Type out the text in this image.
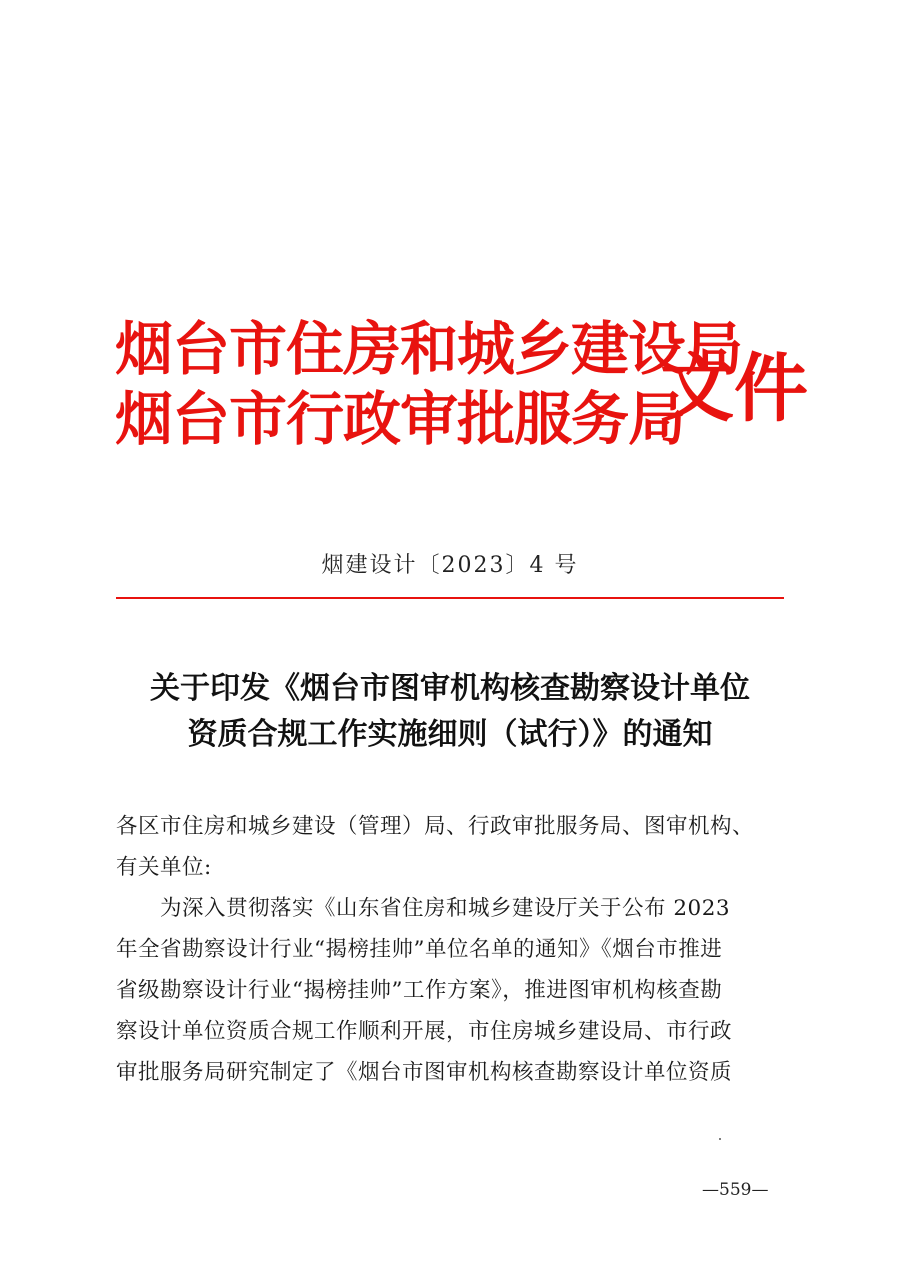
烟台市住房和城乡建设局
烟台市行政审批服务局
文件
烟建设计〔2023〕4 号
关于印发《烟台市图审机构核查勘察设计单位
资质合规工作实施细则（试行）》的通知
各区市住房和城乡建设（管理）局、行政审批服务局、图审机构、
有关单位:
　　为深入贯彻落实《山东省住房和城乡建设厅关于公布 2023
年全省勘察设计行业“揭榜挂帅”单位名单的通知》《烟台市推进
省级勘察设计行业“揭榜挂帅”工作方案》，推进图审机构核查勘
察设计单位资质合规工作顺利开展，市住房城乡建设局、市行政
审批服务局研究制定了《烟台市图审机构核查勘察设计单位资质
—559—
